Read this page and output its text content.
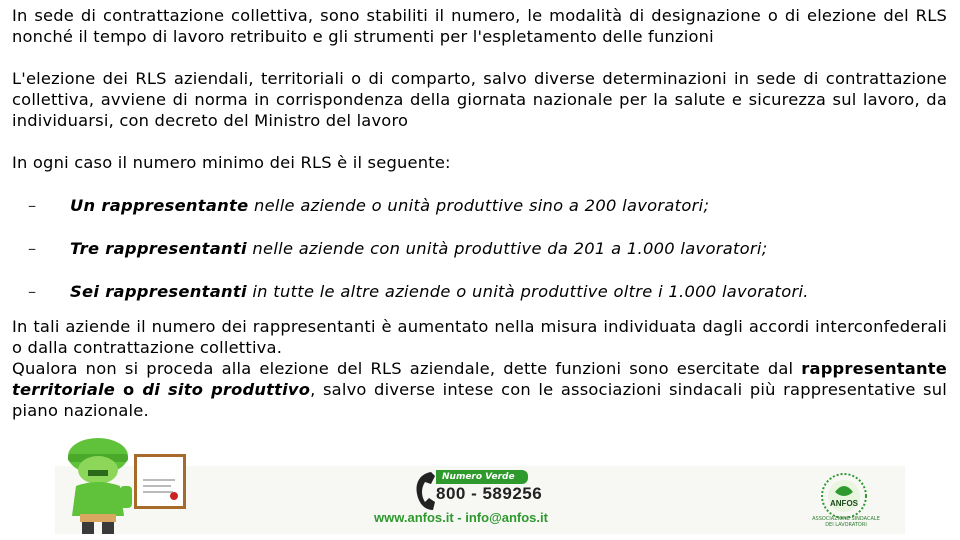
In sede di contrattazione collettiva, sono stabiliti il numero, le modalità di designazione o di elezione del RLS nonché il tempo di lavoro retribuito e gli strumenti per l'espletamento delle funzioni

L'elezione dei RLS aziendali, territoriali o di comparto, salvo diverse determinazioni in sede di contrattazione collettiva, avviene di norma in corrispondenza della giornata nazionale per la salute e sicurezza sul lavoro, da individuarsi, con decreto del Ministro del lavoro

In ogni caso il numero minimo dei RLS è il seguente:

– Un rappresentante nelle aziende o unità produttive sino a 200 lavoratori;
– Tre rappresentanti nelle aziende con unità produttive da 201 a 1.000 lavoratori;
– Sei rappresentanti in tutte le altre aziende o unità produttive oltre i 1.000 lavoratori.

In tali aziende il numero dei rappresentanti è aumentato nella misura individuata dagli accordi interconfederali o dalla contrattazione collettiva.

Qualora non si proceda alla elezione del RLS aziendale, dette funzioni sono esercitate dal rappresentante territoriale o di sito produttivo, salvo diverse intese con le associazioni sindacali più rappresentative sul piano nazionale.

Numero Verde
800 - 589256
www.anfos.it - info@anfos.it
ANFOS
ASSOCIAZIONE SINDACALE DEI LAVORATORI
